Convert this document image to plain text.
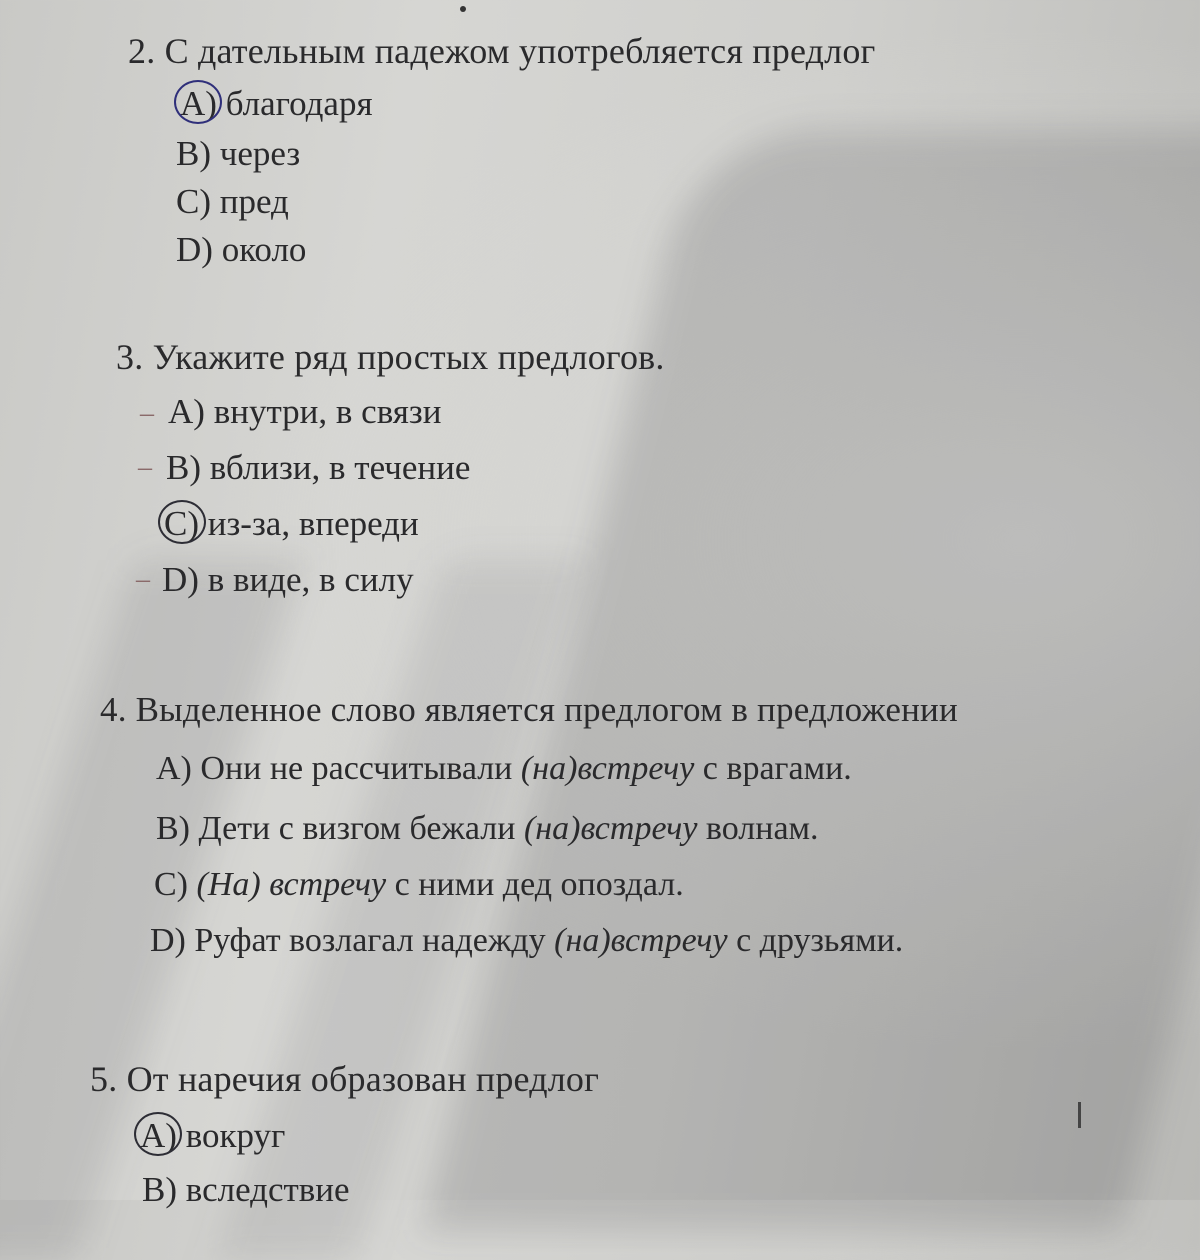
2. С дательным падежом употребляется предлог
A) благодаря
B) через
C) пред
D) около
3. Укажите ряд простых предлогов.
– A) внутри, в связи
– B) вблизи, в течение
C) из-за, впереди
– D) в виде, в силу
4. Выделенное слово является предлогом в предложении
A) Они не рассчитывали (на)встречу с врагами.
B) Дети с визгом бежали (на)встречу волнам.
C) (На) встречу с ними дед опоздал.
D) Руфат возлагал надежду (на)встречу с друзьями.
5. От наречия образован предлог
A) вокруг
B) вследствие
